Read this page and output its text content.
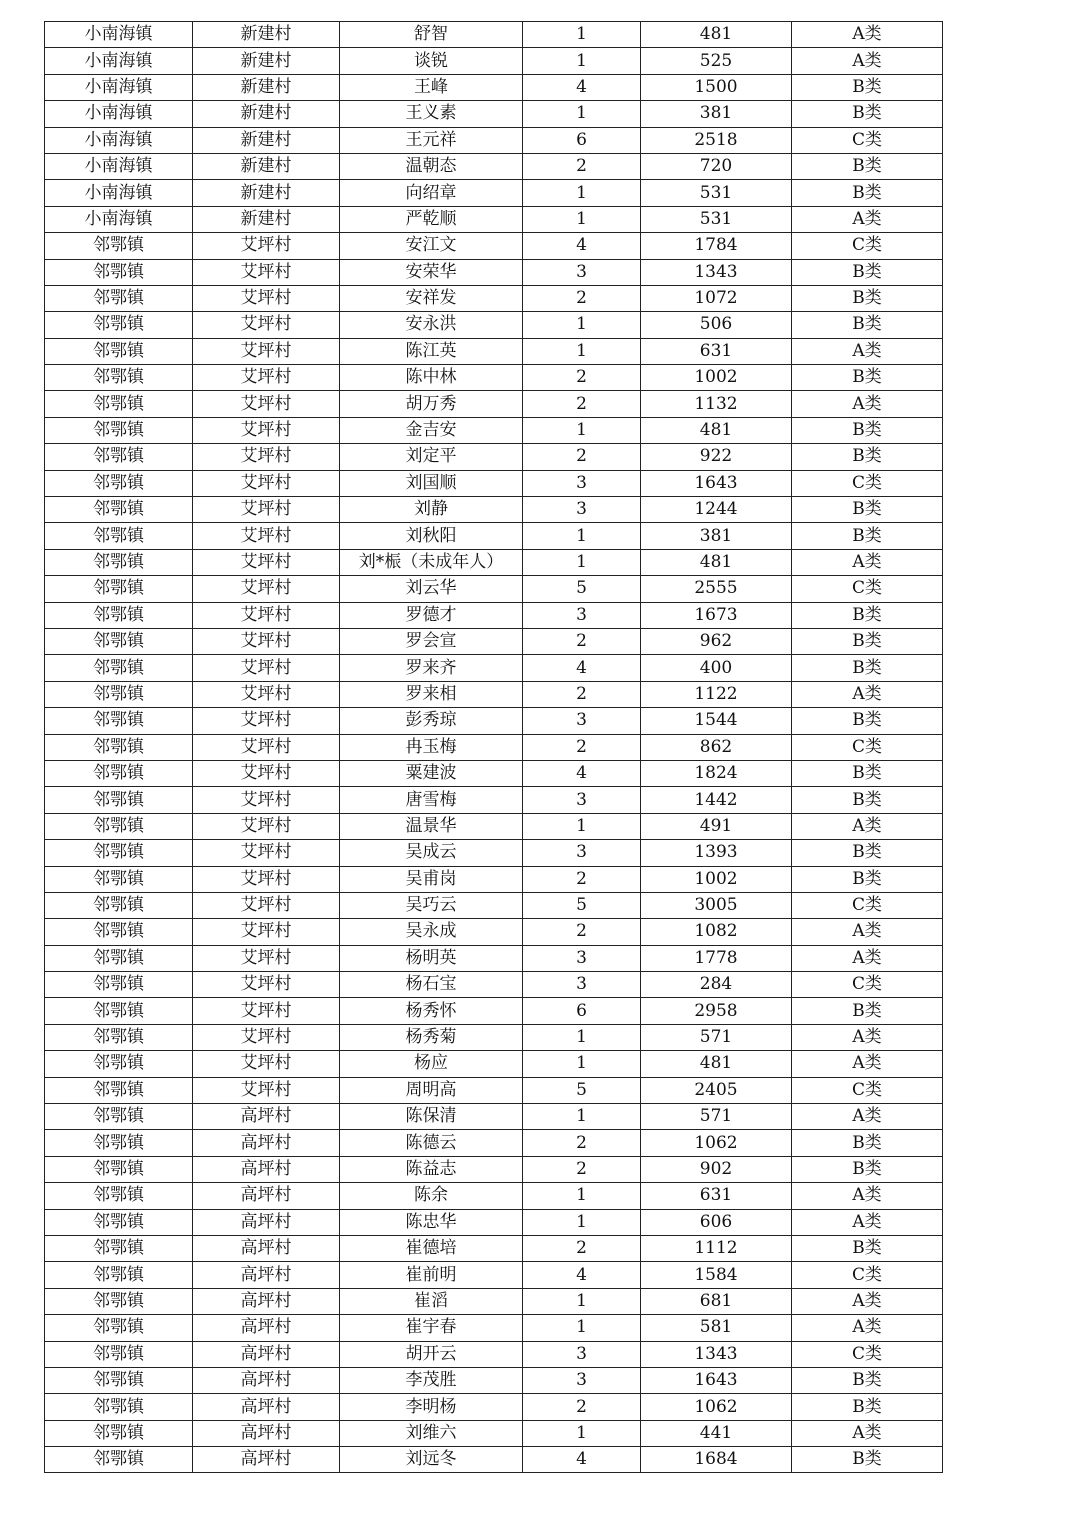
小南海镇	新建村	舒智	1	481	A类
小南海镇	新建村	谈锐	1	525	A类
小南海镇	新建村	王峰	4	1500	B类
小南海镇	新建村	王义素	1	381	B类
小南海镇	新建村	王元祥	6	2518	C类
小南海镇	新建村	温朝态	2	720	B类
小南海镇	新建村	向绍章	1	531	B类
小南海镇	新建村	严乾顺	1	531	A类
邻鄂镇	艾坪村	安江文	4	1784	C类
邻鄂镇	艾坪村	安荣华	3	1343	B类
邻鄂镇	艾坪村	安祥发	2	1072	B类
邻鄂镇	艾坪村	安永洪	1	506	B类
邻鄂镇	艾坪村	陈江英	1	631	A类
邻鄂镇	艾坪村	陈中林	2	1002	B类
邻鄂镇	艾坪村	胡万秀	2	1132	A类
邻鄂镇	艾坪村	金吉安	1	481	B类
邻鄂镇	艾坪村	刘定平	2	922	B类
邻鄂镇	艾坪村	刘国顺	3	1643	C类
邻鄂镇	艾坪村	刘静	3	1244	B类
邻鄂镇	艾坪村	刘秋阳	1	381	B类
邻鄂镇	艾坪村	刘*桭（未成年人）	1	481	A类
邻鄂镇	艾坪村	刘云华	5	2555	C类
邻鄂镇	艾坪村	罗德才	3	1673	B类
邻鄂镇	艾坪村	罗会宣	2	962	B类
邻鄂镇	艾坪村	罗来齐	4	400	B类
邻鄂镇	艾坪村	罗来相	2	1122	A类
邻鄂镇	艾坪村	彭秀琼	3	1544	B类
邻鄂镇	艾坪村	冉玉梅	2	862	C类
邻鄂镇	艾坪村	粟建波	4	1824	B类
邻鄂镇	艾坪村	唐雪梅	3	1442	B类
邻鄂镇	艾坪村	温景华	1	491	A类
邻鄂镇	艾坪村	吴成云	3	1393	B类
邻鄂镇	艾坪村	吴甫岗	2	1002	B类
邻鄂镇	艾坪村	吴巧云	5	3005	C类
邻鄂镇	艾坪村	吴永成	2	1082	A类
邻鄂镇	艾坪村	杨明英	3	1778	A类
邻鄂镇	艾坪村	杨石宝	3	284	C类
邻鄂镇	艾坪村	杨秀怀	6	2958	B类
邻鄂镇	艾坪村	杨秀菊	1	571	A类
邻鄂镇	艾坪村	杨应	1	481	A类
邻鄂镇	艾坪村	周明高	5	2405	C类
邻鄂镇	高坪村	陈保清	1	571	A类
邻鄂镇	高坪村	陈德云	2	1062	B类
邻鄂镇	高坪村	陈益志	2	902	B类
邻鄂镇	高坪村	陈余	1	631	A类
邻鄂镇	高坪村	陈忠华	1	606	A类
邻鄂镇	高坪村	崔德培	2	1112	B类
邻鄂镇	高坪村	崔前明	4	1584	C类
邻鄂镇	高坪村	崔滔	1	681	A类
邻鄂镇	高坪村	崔宇春	1	581	A类
邻鄂镇	高坪村	胡开云	3	1343	C类
邻鄂镇	高坪村	李茂胜	3	1643	B类
邻鄂镇	高坪村	李明杨	2	1062	B类
邻鄂镇	高坪村	刘维六	1	441	A类
邻鄂镇	高坪村	刘远冬	4	1684	B类
